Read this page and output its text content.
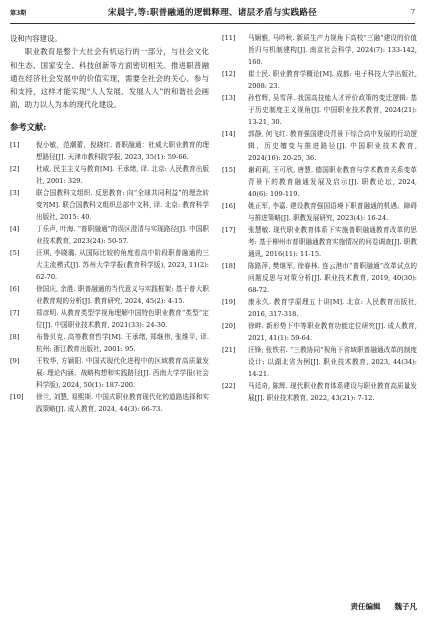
第3期	宋晨宇,等:职普融通的逻辑释理、诸层矛盾与实践路径	7

设和内容建设。

职业教育是整个大社会有机运行的一部分，与社会文化和生态、国家安全、科技创新等方面密切相关。推进职普融通在经济社会发展中的价值实现，需要全社会的关心、参与和支持，这样才能实现“人人发展、发展人人”的和谐社会画面，助力以人为本的现代化建设。

参考文献:
[1]	倪小敏，范潮蕾，倪晓红. 普职融通：杜威大职业教育的理想路径[J]. 天津市教科院学报, 2023, 35(1): 59-66.
[2]	杜威. 民主主义与教育[M]. 王承绪, 译. 北京: 人民教育出版社, 2001: 329.
[3]	联合国教科文组织. 反思教育: 向“全球共同利益”的理念转变?[M]. 联合国教科文组织总部中文科, 译. 北京: 教育科学出版社, 2015: 40.
[4]	丁乐声, 叶海. “普职融通”的误区澄清与实现路径[J]. 中国职业技术教育, 2023(24): 50-57.
[5]	汪琪, 李晓璐. 从国际比较的角度看高中阶段职普融通的三大主流模式[J]. 苏州大学学报(教育科学版), 2023, 11(2): 62-70.
[6]	徐国庆, 余胜. 职普融通的当代意义与实践框架: 基于普大职业教育观的分析[J]. 教育研究, 2024, 45(2): 4-15.
[7]	郑彦明. 从教育类型学视角理解中国特色职业教育“类型”定位[J]. 中国职业技术教育, 2021(33): 24-30.
[8]	布鲁贝克. 高等教育哲学[M]. 王承绪, 郑继伟, 张维平, 译. 杭州: 浙江教育出版社, 2001: 95.
[9]	王牧华, 方颖阳. 中国式现代化进程中的区域教育高质量发展: 理论内涵、战略构想和实践路径[J]. 西南大学学报(社会科学版), 2024, 50(1): 187-200.
[10]	徐兰, 刘慧, 易熙斯. 中国式职业教育现代化的道路选择和实践策略[J]. 成人教育, 2024, 44(3): 66-73.
[11]	马娴雅, 马吟秋. 新质生产力视角下高校“三融”建设的价值旨归与机制建构[J]. 南京社会科学, 2024(7): 133-142, 160.
[12]	崔士民. 职业教育学概论[M]. 成都: 电子科技大学出版社, 2008: 23.
[13]	孙哲辉, 吴雪萍. 我国高技能人才评价政策的变迁逻辑: 基于历史制度主义视角[J]. 中国职业技术教育, 2024(21): 13-21, 30.
[14]	郭静, 何飞红. 教育强国建设背景下综合高中发展的行动逻辑、历史嬗变与推进路径[J]. 中国职业技术教育, 2024(16): 20-25, 36.
[15]	谢莉莉, 王可欣, 唐慧. 德国职业教育与学术教育关系变革背景下的教育融通发展及启示[J]. 职教论坛, 2024, 40(6): 109-119.
[16]	姚正军, 李嘉. 建设教育强国语境下职普融通的机遇、障碍与推进策略[J]. 职教发展研究, 2023(4): 16-24.
[17]	张慧敏. 现代职业教育体系下实施普职融通教育改革的思考: 基于柳州市普职融通教育实施情况的问卷调查[J]. 职教通讯, 2016(11): 11-15.
[18]	陈路萍, 樊继军, 徐春林. 连云港市“普职融通”改革试点的问题反思与对策分析[J]. 职业技术教育, 2019, 40(30): 68-72.
[19]	康永久. 教育学原理五十讲[M]. 北京: 人民教育出版社, 2016, 317-318.
[20]	徐畔. 新形势下中等职业教育功能定位研究[J]. 成人教育, 2021, 41(1): 59-64.
[21]	汪锋, 张铁君. “三教协同”视角下省域职普融通改革的制度设计: 以湖北省为例[J]. 职业技术教育, 2023, 44(34): 14-21.
[22]	马廷奇, 陈辉. 现代职业教育体系建设与职业教育高质量发展[J]. 职业技术教育, 2022, 43(21): 7-12.
责任编辑 魏子凡
